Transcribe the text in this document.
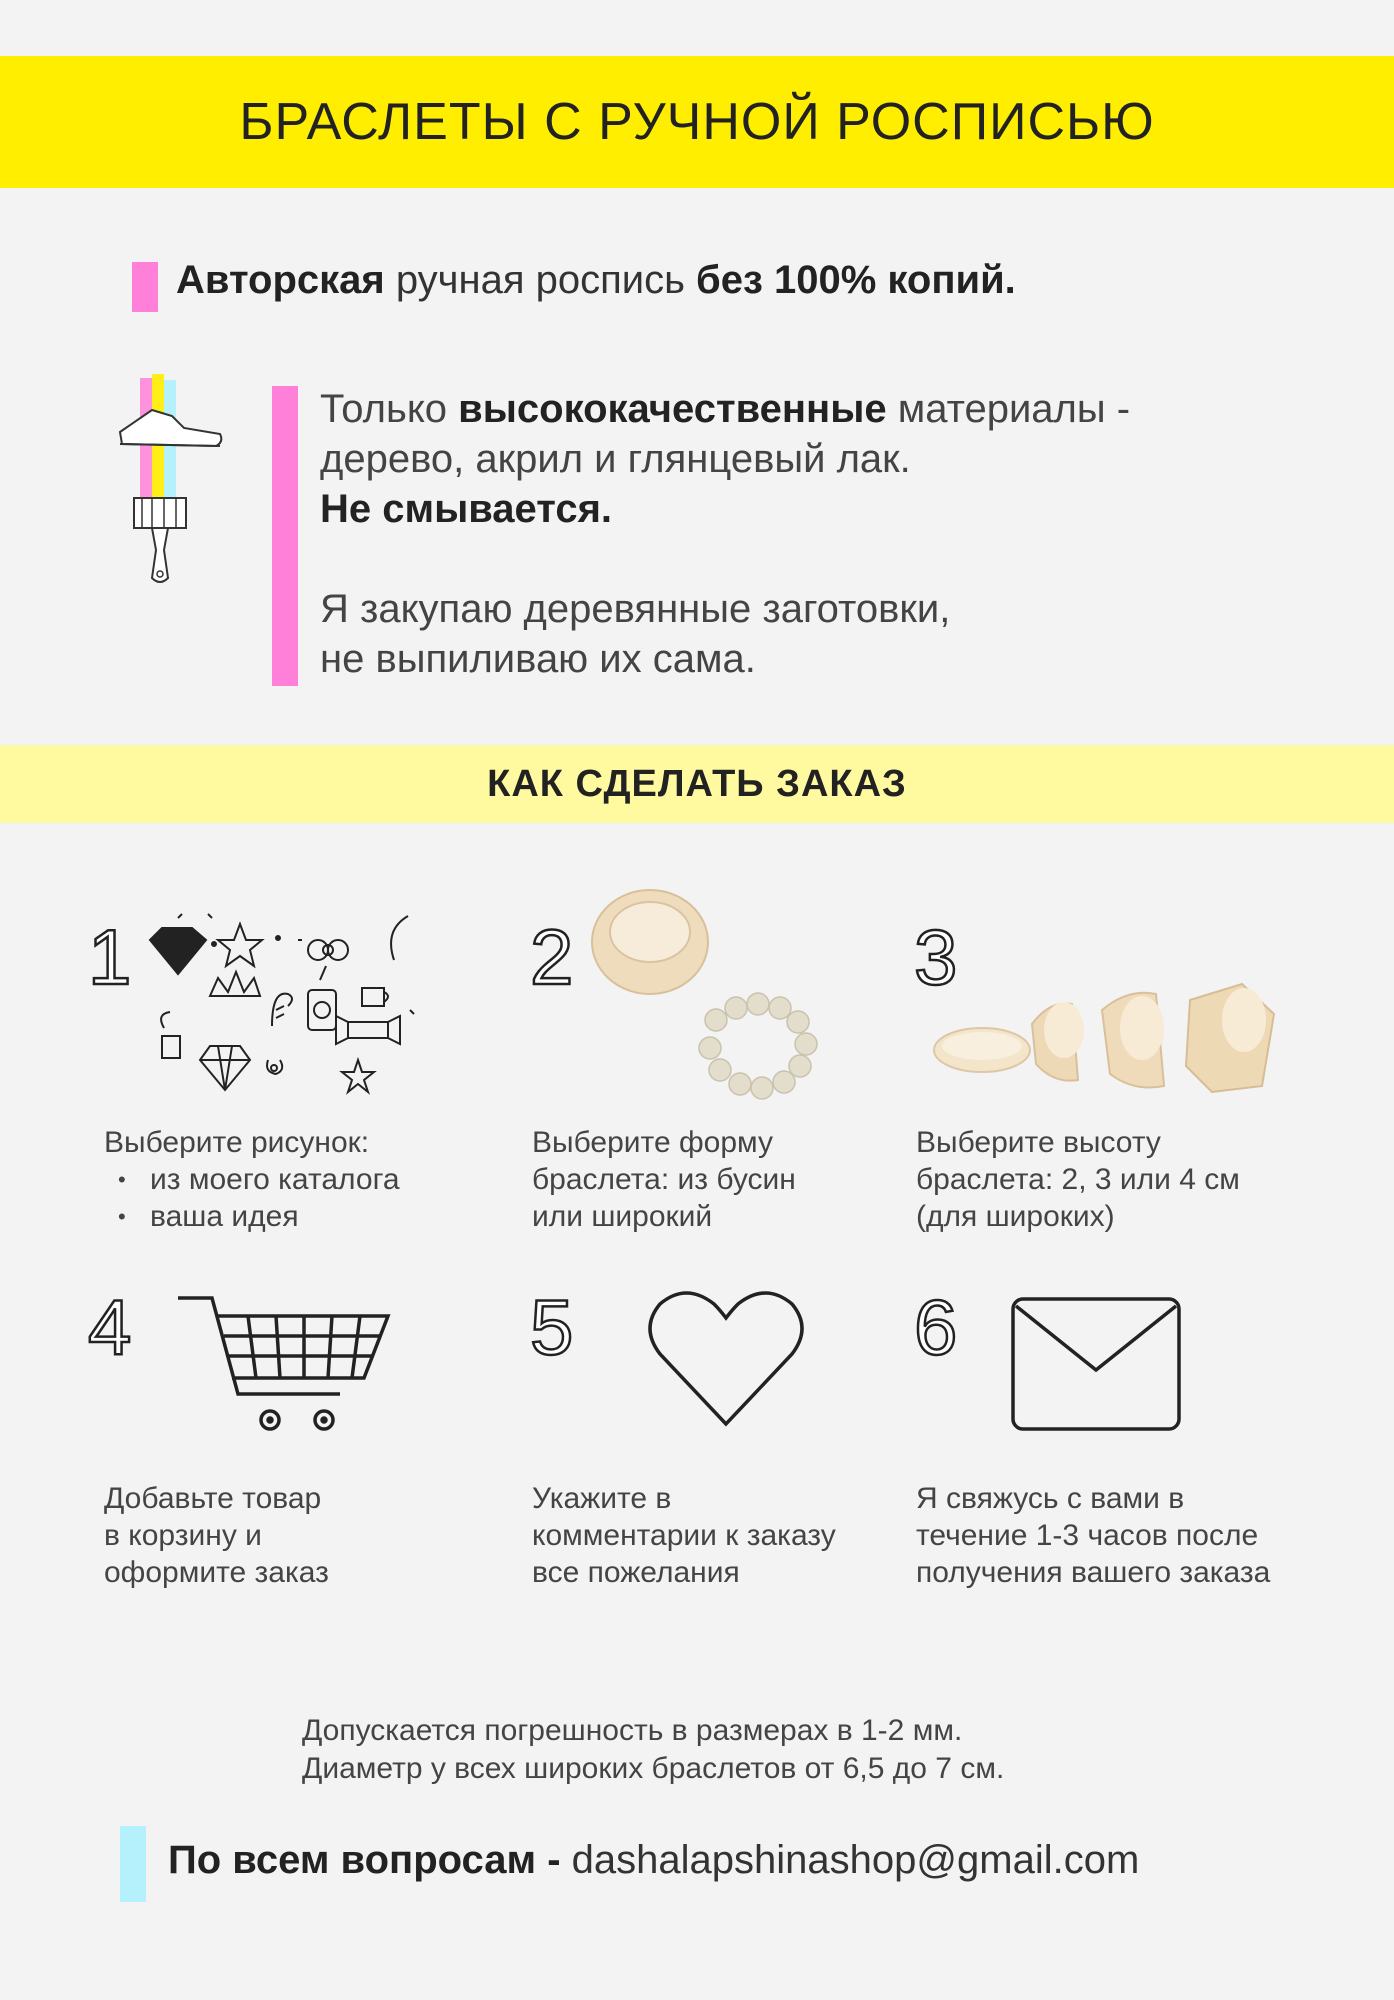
БРАСЛЕТЫ С РУЧНОЙ РОСПИСЬЮ
Авторская ручная роспись без 100% копий.
Только высококачественные материалы -
дерево, акрил и глянцевый лак.
Не смывается.
Я закупаю деревянные заготовки,
не выпиливаю их сама.
КАК СДЕЛАТЬ ЗАКАЗ
1	2	3
4	5	6
Выберите рисунок:
• из моего каталога
• ваша идея
Выберите форму
браслета: из бусин
или широкий
Выберите высоту
браслета: 2, 3 или 4 см
(для широких)
Добавьте товар
в корзину и
оформите заказ
Укажите в
комментарии к заказу
все пожелания
Я свяжусь с вами в
течение 1-3 часов после
получения вашего заказа
Допускается погрешность в размерах в 1-2 мм.
Диаметр у всех широких браслетов от 6,5 до 7 см.
По всем вопросам - dashalapshinashop@gmail.com
